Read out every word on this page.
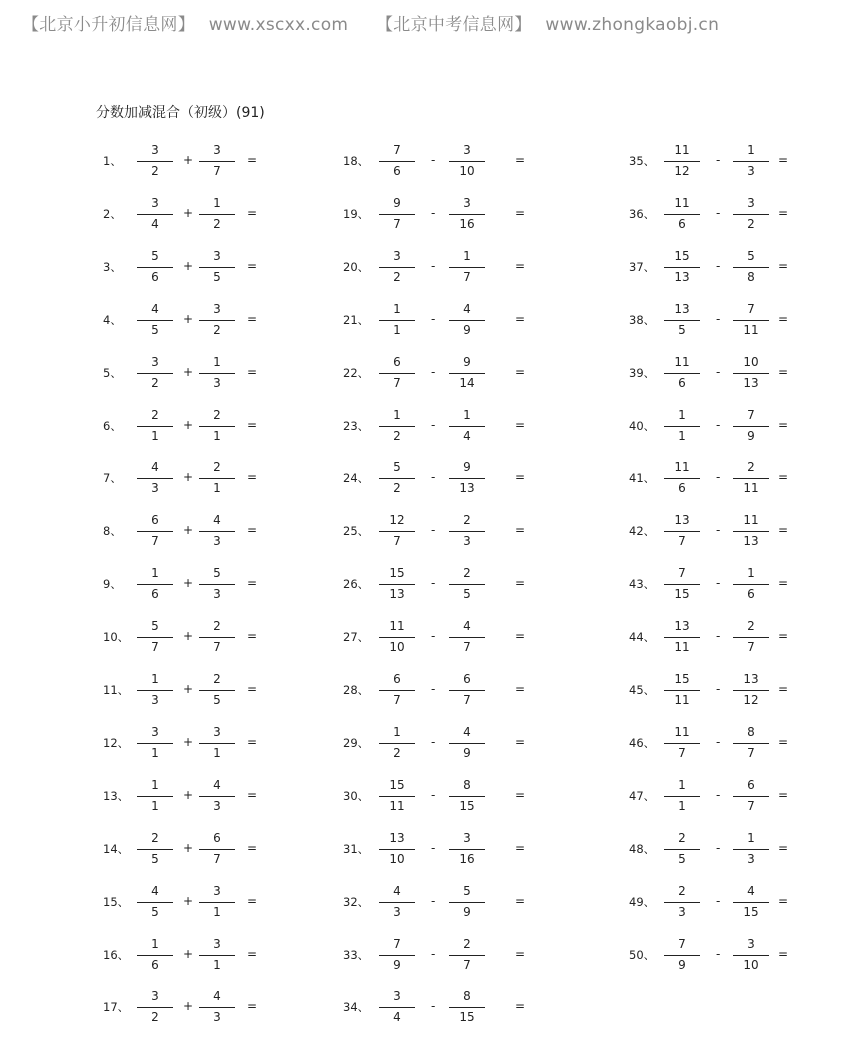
【北京小升初信息网】 www.xscxx.com 【北京中考信息网】 www.zhongkaobj.cn
分数加减混合（初级）(91)
1、
3
2
+
3
7
=
2、
3
4
+
1
2
=
3、
5
6
+
3
5
=
4、
4
5
+
3
2
=
5、
3
2
+
1
3
=
6、
2
1
+
2
1
=
7、
4
3
+
2
1
=
8、
6
7
+
4
3
=
9、
1
6
+
5
3
=
10、
5
7
+
2
7
=
11、
1
3
+
2
5
=
12、
3
1
+
3
1
=
13、
1
1
+
4
3
=
14、
2
5
+
6
7
=
15、
4
5
+
3
1
=
16、
1
6
+
3
1
=
17、
3
2
+
4
3
=
18、
7
6
-
3
10
=
19、
9
7
-
3
16
=
20、
3
2
-
1
7
=
21、
1
1
-
4
9
=
22、
6
7
-
9
14
=
23、
1
2
-
1
4
=
24、
5
2
-
9
13
=
25、
12
7
-
2
3
=
26、
15
13
-
2
5
=
27、
11
10
-
4
7
=
28、
6
7
-
6
7
=
29、
1
2
-
4
9
=
30、
15
11
-
8
15
=
31、
13
10
-
3
16
=
32、
4
3
-
5
9
=
33、
7
9
-
2
7
=
34、
3
4
-
8
15
=
35、
11
12
-
1
3
=
36、
11
6
-
3
2
=
37、
15
13
-
5
8
=
38、
13
5
-
7
11
=
39、
11
6
-
10
13
=
40、
1
1
-
7
9
=
41、
11
6
-
2
11
=
42、
13
7
-
11
13
=
43、
7
15
-
1
6
=
44、
13
11
-
2
7
=
45、
15
11
-
13
12
=
46、
11
7
-
8
7
=
47、
1
1
-
6
7
=
48、
2
5
-
1
3
=
49、
2
3
-
4
15
=
50、
7
9
-
3
10
=
